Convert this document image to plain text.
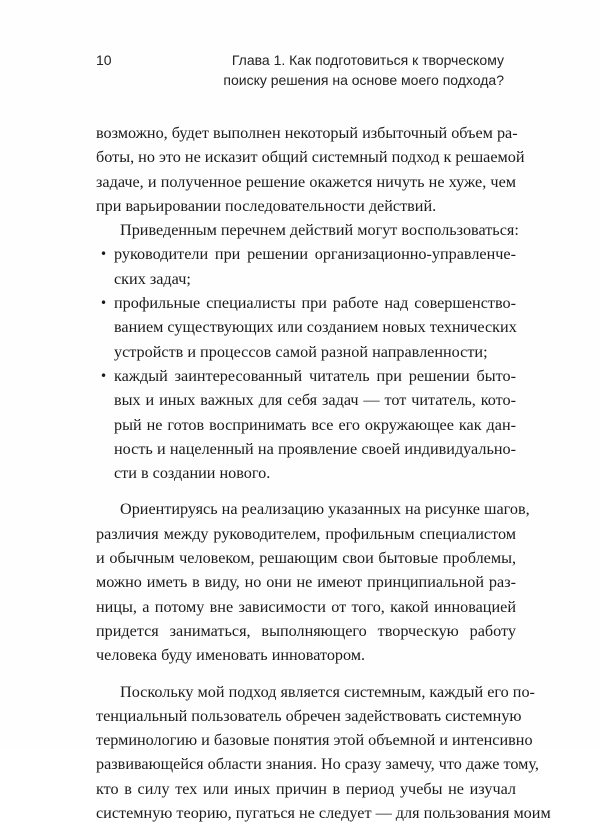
10	Глава 1. Как подготовиться к творческому
поиску решения на основе моего подхода?
возможно, будет выполнен некоторый избыточный объем ра-
боты, но это не исказит общий системный подход к решаемой
задаче, и полученное решение окажется ничуть не хуже, чем
при варьировании последовательности действий.
Приведенным перечнем действий могут воспользоваться:
• руководители при решении организационно-управленче-
ских задач;
• профильные специалисты при работе над совершенство-
ванием существующих или созданием новых технических
устройств и процессов самой разной направленности;
• каждый заинтересованный читатель при решении быто-
вых и иных важных для себя задач — тот читатель, кото-
рый не готов воспринимать все его окружающее как дан-
ность и нацеленный на проявление своей индивидуально-
сти в создании нового.
Ориентируясь на реализацию указанных на рисунке шагов,
различия между руководителем, профильным специалистом
и обычным человеком, решающим свои бытовые проблемы,
можно иметь в виду, но они не имеют принципиальной раз-
ницы, а потому вне зависимости от того, какой инновацией
придется заниматься, выполняющего творческую работу
человека буду именовать инноватором.
Поскольку мой подход является системным, каждый его по-
тенциальный пользователь обречен задействовать системную
терминологию и базовые понятия этой объемной и интенсивно
развивающейся области знания. Но сразу замечу, что даже тому,
кто в силу тех или иных причин в период учебы не изучал
системную теорию, пугаться не следует — для пользования моим
